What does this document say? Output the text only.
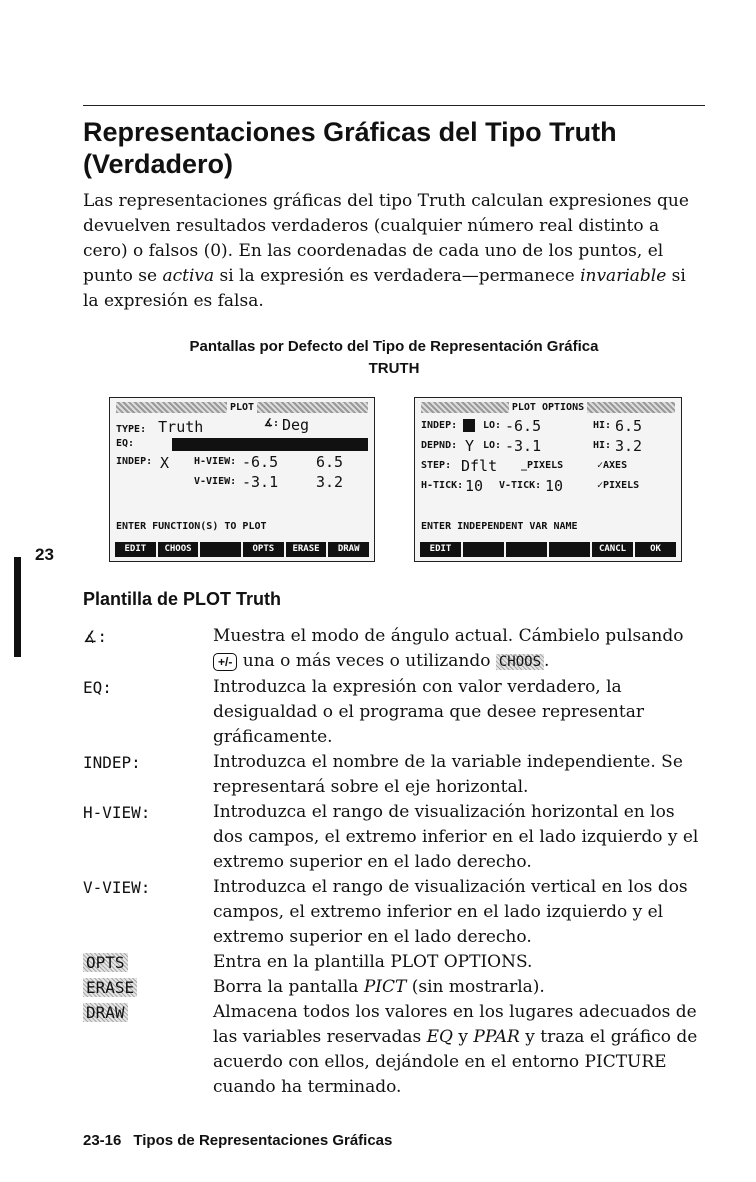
Representaciones Gráficas del Tipo Truth (Verdadero)

Las representaciones gráficas del tipo Truth calculan expresiones que devuelven resultados verdaderos (cualquier número real distinto a cero) o falsos (0). En las coordenadas de cada uno de los puntos, el punto se activa si la expresión es verdadera—permanece invariable si la expresión es falsa.

Pantallas por Defecto del Tipo de Representación Gráfica
TRUTH
PLOT
TYPE: Truth	∡: Deg
EQ:
INDEP: X H-VIEW: -6.5	6.5
V-VIEW: -3.1	3.2
ENTER FUNCTION(S) TO PLOT
EDIT	CHOOS	OPTS	ERASE	DRAW
PLOT OPTIONS
INDEP:	LO: -6.5	HI: 6.5
DEPND: Y LO: -3.1	HI: 3.2
STEP: Dflt _PIXELS	✓AXES
H-TICK: 10 V-TICK: 10	✓PIXELS
ENTER INDEPENDENT VAR NAME
EDIT	CANCL	OK
23
Plantilla de PLOT Truth
∡:	Muestra el modo de ángulo actual. Cámbielo pulsando +/- una o más veces o utilizando CHOOS .
EQ:	Introduzca la expresión con valor verdadero, la desigualdad o el programa que desee representar gráficamente.
INDEP:	Introduzca el nombre de la variable independiente. Se representará sobre el eje horizontal.
H-VIEW:	Introduzca el rango de visualización horizontal en los dos campos, el extremo inferior en el lado izquierdo y el extremo superior en el lado derecho.
V-VIEW:	Introduzca el rango de visualización vertical en los dos campos, el extremo inferior en el lado izquierdo y el extremo superior en el lado derecho.
OPTS	Entra en la plantilla PLOT OPTIONS.
ERASE	Borra la pantalla PICT (sin mostrarla).
DRAW	Almacena todos los valores en los lugares adecuados de las variables reservadas EQ y PPAR y traza el gráfico de acuerdo con ellos, dejándole en el entorno PICTURE cuando ha terminado.
23-16 Tipos de Representaciones Gráficas
